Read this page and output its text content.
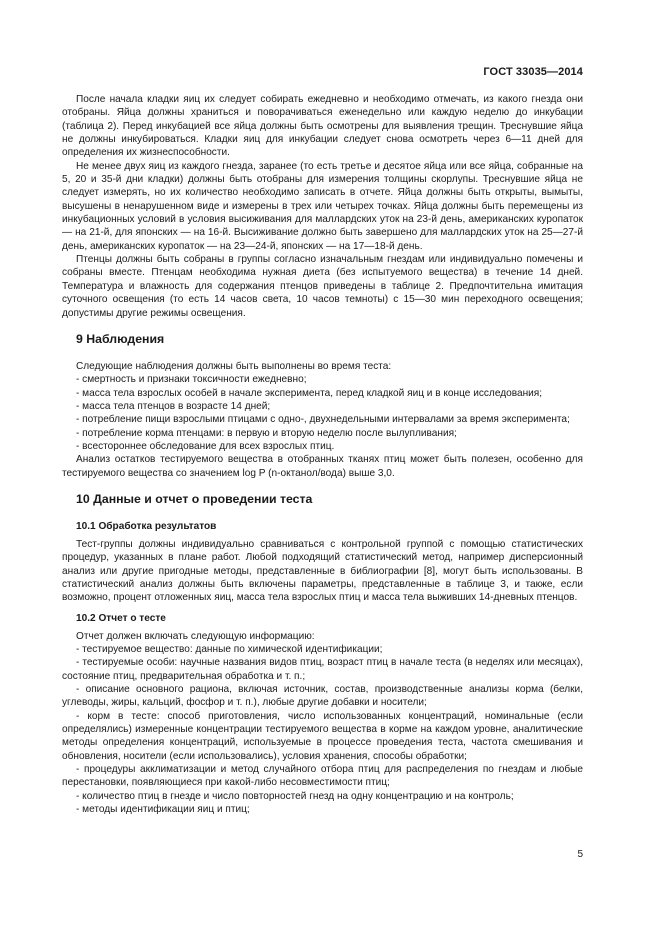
ГОСТ 33035—2014

После начала кладки яиц их следует собирать ежедневно и необходимо отмечать, из какого гнезда они отобраны. Яйца должны храниться и поворачиваться еженедельно или каждую неделю до инкубации (таблица 2). Перед инкубацией все яйца должны быть осмотрены для выявления трещин. Треснувшие яйца не должны инкубироваться. Кладки яиц для инкубации следует снова осмотреть через 6—11 дней для определения их жизнеспособности.

Не менее двух яиц из каждого гнезда, заранее (то есть третье и десятое яйца или все яйца, собранные на 5, 20 и 35-й дни кладки) должны быть отобраны для измерения толщины скорлупы. Треснувшие яйца не следует измерять, но их количество необходимо записать в отчете. Яйца должны быть открыты, вымыты, высушены в ненарушенном виде и измерены в трех или четырех точках. Яйца должны быть перемещены из инкубационных условий в условия высиживания для маллардских уток на 23-й день, американских куропаток — на 21-й, для японских — на 16-й. Высиживание должно быть завершено для маллардских уток на 25—27-й день, американских куропаток — на 23—24-й, японских — на 17—18-й день.

Птенцы должны быть собраны в группы согласно изначальным гнездам или индивидуально помечены и собраны вместе. Птенцам необходима нужная диета (без испытуемого вещества) в течение 14 дней. Температура и влажность для содержания птенцов приведены в таблице 2. Предпочтительна имитация суточного освещения (то есть 14 часов света, 10 часов темноты) с 15—30 мин переходного освещения; допустимы другие режимы освещения.

9 Наблюдения

Следующие наблюдения должны быть выполнены во время теста:

- смертность и признаки токсичности ежедневно;

- масса тела взрослых особей в начале эксперимента, перед кладкой яиц и в конце исследования;

- масса тела птенцов в возрасте 14 дней;

- потребление пищи взрослыми птицами с одно-, двухнедельными интервалами за время эксперимента;

- потребление корма птенцами: в первую и вторую неделю после вылупливания;

- всестороннее обследование для всех взрослых птиц.

Анализ остатков тестируемого вещества в отобранных тканях птиц может быть полезен, особенно для тестируемого вещества со значением log P (n-октанол/вода) выше 3,0.

10 Данные и отчет о проведении теста
10.1 Обработка результатов

Тест-группы должны индивидуально сравниваться с контрольной группой с помощью статистических процедур, указанных в плане работ. Любой подходящий статистический метод, например дисперсионный анализ или другие пригодные методы, представленные в библиографии [8], могут быть использованы. В статистический анализ должны быть включены параметры, представленные в таблице 3, и также, если возможно, процент отложенных яиц, масса тела взрослых птиц и масса тела выживших 14-дневных птенцов.

10.2 Отчет о тесте

Отчет должен включать следующую информацию:

- тестируемое вещество: данные по химической идентификации;

- тестируемые особи: научные названия видов птиц, возраст птиц в начале теста (в неделях или месяцах), состояние птиц, предварительная обработка и т. п.;

- описание основного рациона, включая источник, состав, производственные анализы корма (белки, углеводы, жиры, кальций, фосфор и т. п.), любые другие добавки и носители;

- корм в тесте: способ приготовления, число использованных концентраций, номинальные (если определялись) измеренные концентрации тестируемого вещества в корме на каждом уровне, аналитические методы определения концентраций, используемые в процессе проведения теста, частота смешивания и обновления, носители (если использовались), условия хранения, способы обработки;

- процедуры акклиматизации и метод случайного отбора птиц для распределения по гнездам и любые перестановки, появляющиеся при какой-либо несовместимости птиц;

- количество птиц в гнезде и число повторностей гнезд на одну концентрацию и на контроль;

- методы идентификации яиц и птиц;

5
